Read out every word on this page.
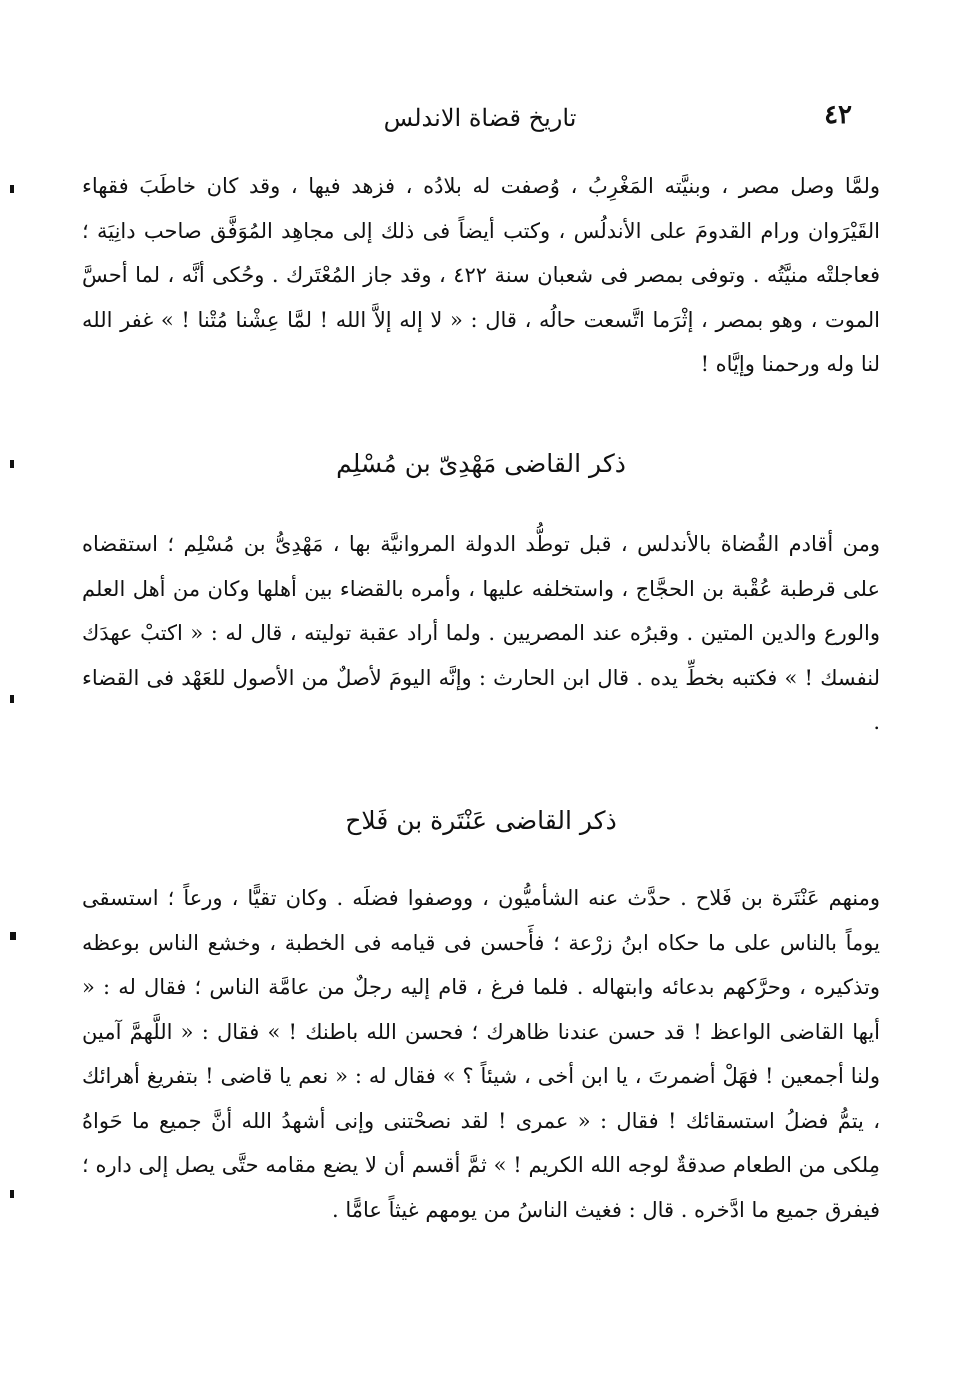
٤٢
تاريخ قضاة الاندلس

ولمَّا وصل مصر ، وبنيَّته المَغْرِبُ ، وُصفت له بلادُه ، فزهد فيها ، وقد كان خاطَبَ فقهاء القَيْرَوان ورام القدومَ على الأندلُس ، وكتب أيضاً فى ذلك إلى مجاهِد المُوَفَّق صاحب دانِيَة ؛ فعاجلتْه منيَّتُه . وتوفى بمصر فى شعبان سنة ٤٢٢ ، وقد جاز المُعْتَرك . وحُكى أنَّه ، لما أحسَّ الموت ، وهو بمصر ، إثْرَما اتَّسعت حالُه ، قال : « لا إله إلاَّ الله ! لمَّا عِشْنا مُتْنا ! » غفر الله لنا وله ورحمنا وإيَّاه !

ذكر القاضى مَهْدِىّ بن مُسْلِم

ومن أقادم القُضاة بالأندلس ، قبل توطُّد الدولة المروانيَّة بها ، مَهْدِىُّ بن مُسْلِم ؛ استقضاه على قرطبة عُقْبة بن الحجَّاج ، واستخلفه عليها ، وأمره بالقضاء بين أهلها وكان من أهل العلم والورع والدين المتين . وقبرُه عند المصريين . ولما أراد عقبة توليته ، قال له : « اكتبْ عهدَك لنفسك ! » فكتبه بخطِّ يده . قال ابن الحارث : وإنَّه اليومَ لأصلٌ من الأصول للعَهْد فى القضاء .

ذكر القاضى عَنْتَرة بن فَلاح

ومنهم عَنْتَرة بن فَلاح . حدَّث عنه الشأميُّون ، ووصفوا فضلَه . وكان تقيًّا ، ورعاً ؛ استسقى يوماً بالناس على ما حكاه ابنُ زرْعة ؛ فأَحسن فى قيامه فى الخطبة ، وخشع الناس بوعظه وتذكيره ، وحرَّكهم بدعائه وابتهاله . فلما فرغ ، قام إليه رجلٌ من عامَّة الناس ؛ فقال له : « أيها القاضى الواعظ ! قد حسن عندنا ظاهرك ؛ فحسن الله باطنك ! » فقال : « اللَّهمَّ آمين ولنا أجمعين ! فهَلْ أضمرتَ ، يا ابن أخى ، شيئاً ؟ » فقال له : « نعم يا قاضى ! بتفريغ أهرائك ، يتمُّ فضلُ استسقائك ! فقال : « عمرى ! لقد نصحْتنى وإنى أشهدُ الله أنَّ جميع ما حَواهُ مِلكى من الطعام صدقةٌ لوجه الله الكريم ! » ثمَّ أقسم أن لا يضع مقامه حتَّى يصل إلى داره ؛ فيفرق جميع ما ادَّخره . قال : فغيث الناسُ من يومهم غيثاً عامًّا .
